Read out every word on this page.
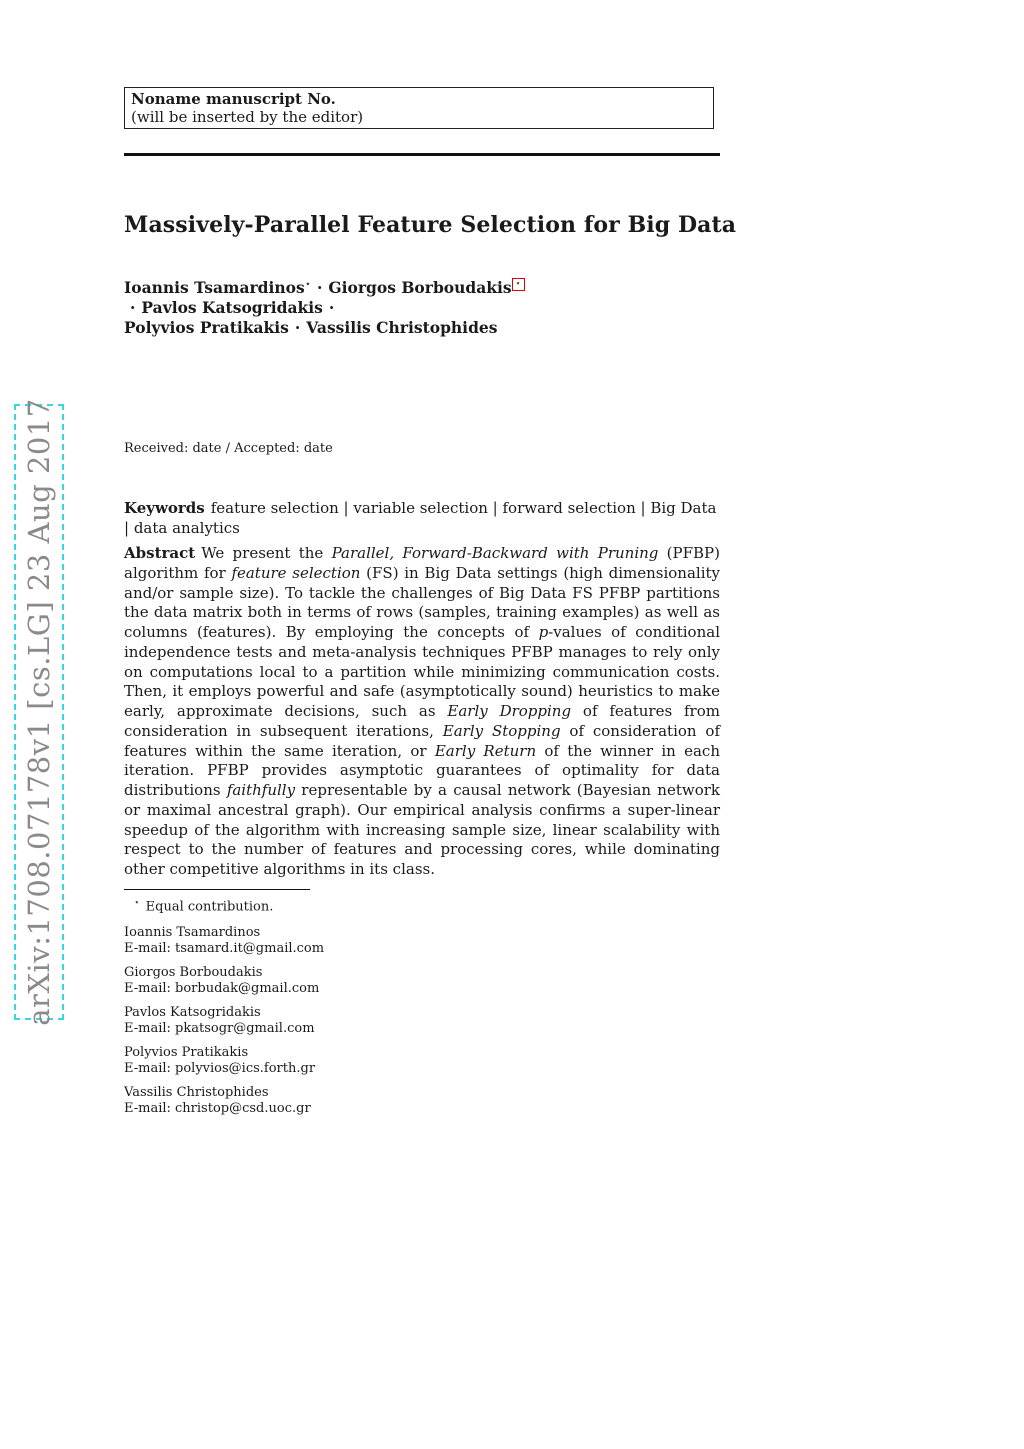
Noname manuscript No.
(will be inserted by the editor)
Massively-Parallel Feature Selection for Big Data
Ioannis Tsamardinos⋆ · Giorgos Borboudakis ⋆· Pavlos Katsogridakis ·
Polyvios Pratikakis · Vassilis Christophides
arXiv:1708.07178v1 [cs.LG] 23 Aug 2017	Received: date / Accepted: date
Keywords feature selection | variable selection | forward selection | Big Data | data analytics
Abstract We present the Parallel, Forward-Backward with Pruning (PFBP) algorithm for feature selection (FS) in Big Data settings (high dimensionality and/or sample size). To tackle the challenges of Big Data FS PFBP partitions the data matrix both in terms of rows (samples, training examples) as well as columns (features). By employing the concepts of p-values of conditional independence tests and meta-analysis techniques PFBP manages to rely only on computations local to a partition while minimizing communication costs. Then, it employs powerful and safe (asymptotically sound) heuristics to make early, approximate decisions, such as Early Dropping of features from consideration in subsequent iterations, Early Stopping of consideration of features within the same iteration, or Early Return of the winner in each iteration. PFBP provides asymptotic guarantees of optimality for data distributions faithfully representable by a causal network (Bayesian network or maximal ancestral graph). Our empirical analysis confirms a super-linear speedup of the algorithm with increasing sample size, linear scalability with respect to the number of features and processing cores, while dominating other competitive algorithms in its class.
⋆ Equal contribution.
Ioannis Tsamardinos
E-mail: tsamard.it@gmail.com
Giorgos Borboudakis
E-mail: borbudak@gmail.com
Pavlos Katsogridakis
E-mail: pkatsogr@gmail.com
Polyvios Pratikakis
E-mail: polyvios@ics.forth.gr
Vassilis Christophides
E-mail: christop@csd.uoc.gr
